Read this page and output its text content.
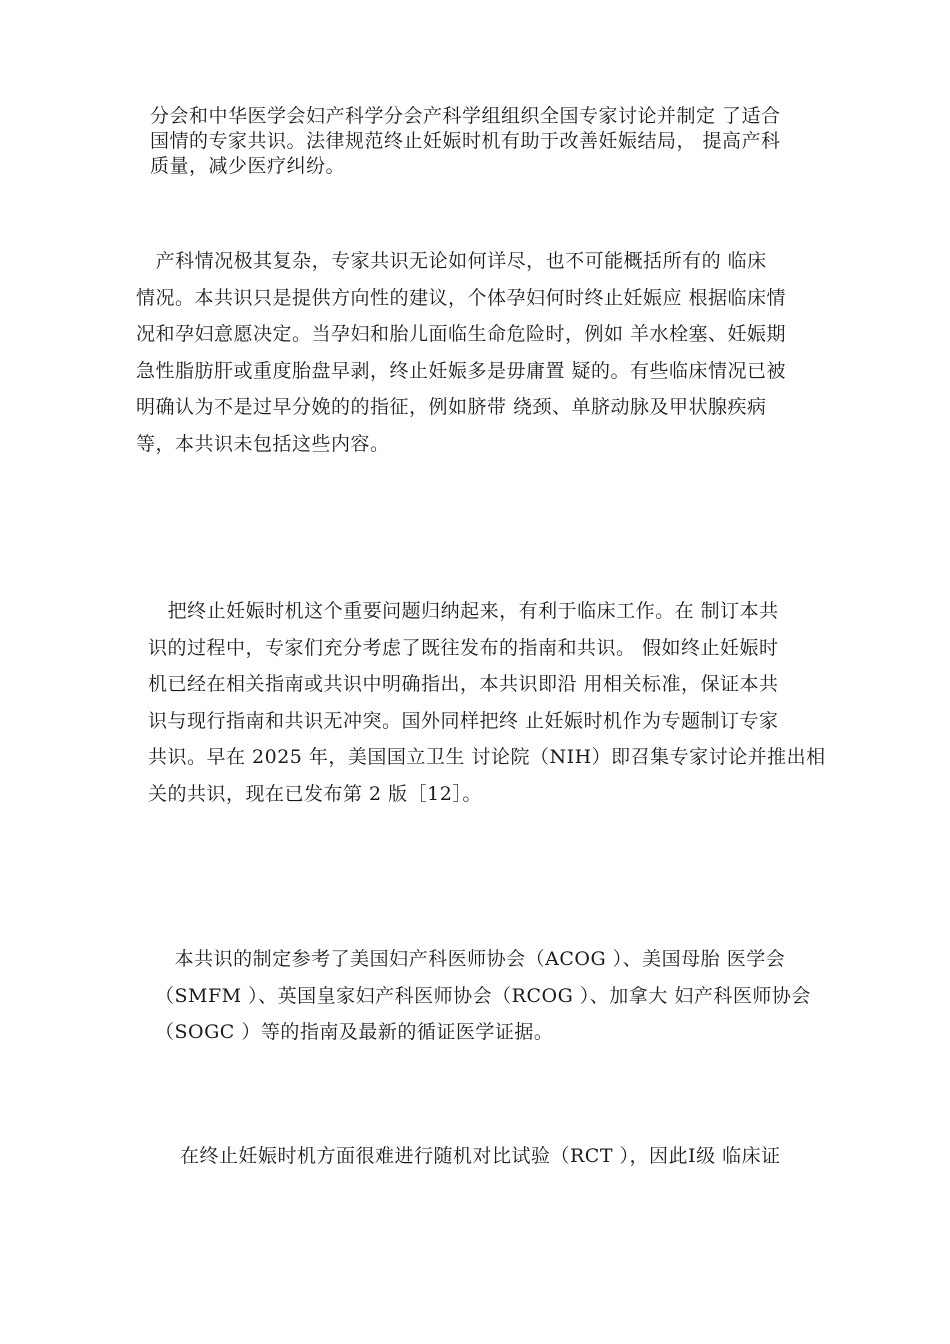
分会和中华医学会妇产科学分会产科学组组织全国专家讨论并制定 了适合
国情的专家共识。法律规范终止妊娠时机有助于改善妊娠结局， 提高产科
质量，减少医疗纠纷。
产科情况极其复杂，专家共识无论如何详尽，也不可能概括所有的 临床
情况。本共识只是提供方向性的建议，个体孕妇何时终止妊娠应 根据临床情
况和孕妇意愿决定。当孕妇和胎儿面临生命危险时，例如 羊水栓塞、妊娠期
急性脂肪肝或重度胎盘早剥，终止妊娠多是毋庸置 疑的。有些临床情况已被
明确认为不是过早分娩的的指征，例如脐带 绕颈、单脐动脉及甲状腺疾病
等，本共识未包括这些内容。
把终止妊娠时机这个重要问题归纳起来，有利于临床工作。在 制订本共
识的过程中，专家们充分考虑了既往发布的指南和共识。 假如终止妊娠时
机已经在相关指南或共识中明确指出，本共识即沿 用相关标准，保证本共
识与现行指南和共识无冲突。国外同样把终 止妊娠时机作为专题制订专家
共识。早在 2025 年，美国国立卫生 讨论院（NIH）即召集专家讨论并推出相
关的共识，现在已发布第 2 版［12］。
本共识的制定参考了美国妇产科医师协会（ACOG ）、美国母胎 医学会
（SMFM ）、英国皇家妇产科医师协会（RCOG ）、加拿大 妇产科医师协会
（SOGC ）等的指南及最新的循证医学证据。
在终止妊娠时机方面很难进行随机对比试验（RCT ），因此Ⅰ级 临床证
